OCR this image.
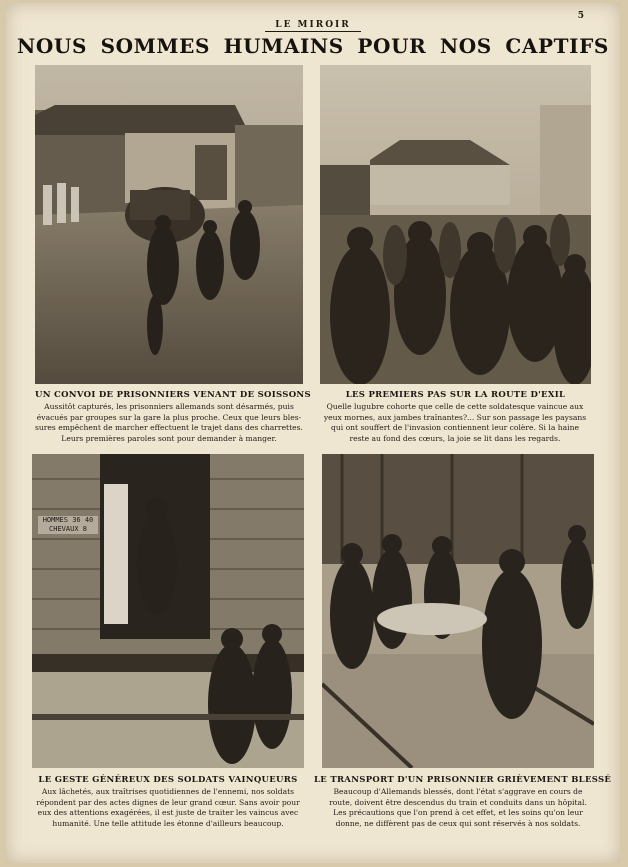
LE MIROIR
5
NOUS SOMMES HUMAINS POUR NOS CAPTIFS
UN CONVOI DE PRISONNIERS VENANT DE SOISSONS
Aussitôt capturés, les prisonniers allemands sont désarmés, puis
évacués par groupes sur la gare la plus proche. Ceux que leurs bles-
sures empêchent de marcher effectuent le trajet dans des charrettes.
Leurs premières paroles sont pour demander à manger.
LES PREMIERS PAS SUR LA ROUTE D'EXIL
Quelle lugubre cohorte que celle de cette soldatesque vaincue aux
yeux mornes, aux jambes traînantes?... Sur son passage les paysans
qui ont souffert de l'invasion contiennent leur colère. Si la haine
reste au fond des cœurs, la joie se lit dans les regards.
HOMMES 36 40
CHEVAUX 8
LE GESTE GÉNÉREUX DES SOLDATS VAINQUEURS
Aux lâchetés, aux traîtrises quotidiennes de l'ennemi, nos soldats
répondent par des actes dignes de leur grand cœur. Sans avoir pour
eux des attentions exagérées, il est juste de traiter les vaincus avec
humanité. Une telle attitude les étonne d'ailleurs beaucoup.
LE TRANSPORT D'UN PRISONNIER GRIÈVEMENT BLESSÉ
Beaucoup d'Allemands blessés, dont l'état s'aggrave en cours de
route, doivent être descendus du train et conduits dans un hôpital.
Les précautions que l'on prend à cet effet, et les soins qu'on leur
donne, ne diffèrent pas de ceux qui sont réservés à nos soldats.
